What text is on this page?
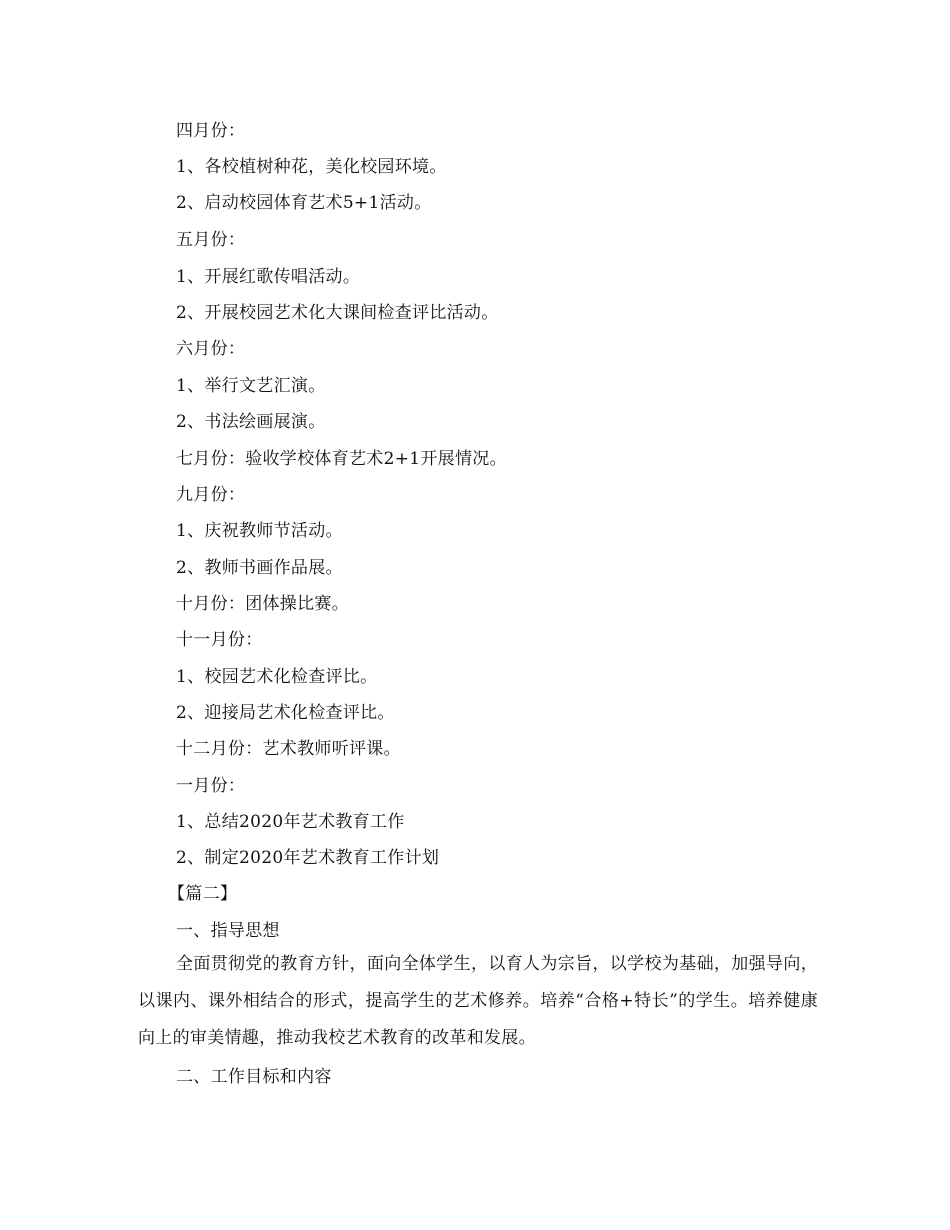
四月份：
1、各校植树种花，美化校园环境。
2、启动校园体育艺术5+1活动。
五月份：
1、开展红歌传唱活动。
2、开展校园艺术化大课间检查评比活动。
六月份：
1、举行文艺汇演。
2、书法绘画展演。
七月份：验收学校体育艺术2+1开展情况。
九月份：
1、庆祝教师节活动。
2、教师书画作品展。
十月份：团体操比赛。
十一月份：
1、校园艺术化检查评比。
2、迎接局艺术化检查评比。
十二月份：艺术教师听评课。
一月份：
1、总结2020年艺术教育工作
2、制定2020年艺术教育工作计划
【篇二】
一、指导思想
全面贯彻党的教育方针，面向全体学生，以育人为宗旨，以学校为基础，加强导向，以课内、课外相结合的形式，提高学生的艺术修养。培养“合格+特长”的学生。培养健康向上的审美情趣，推动我校艺术教育的改革和发展。
二、工作目标和内容
